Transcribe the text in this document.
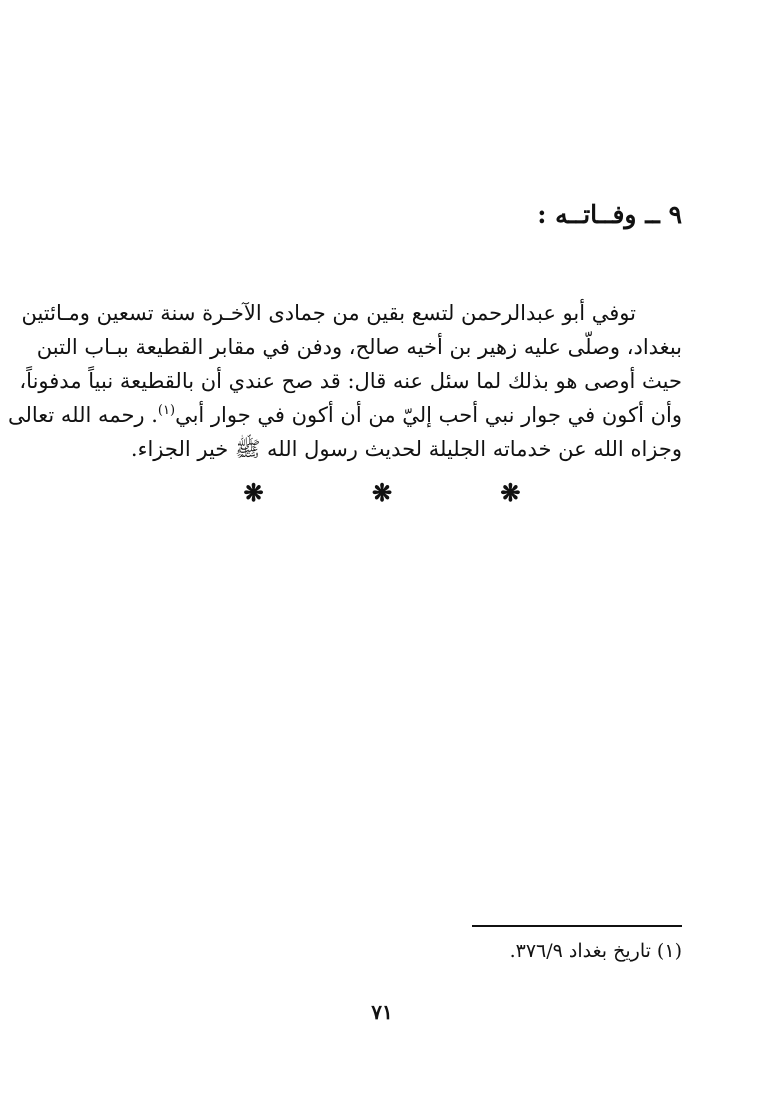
٩ ــ وفــاتــه :
توفي أبو عبدالرحمن لتسع بقين من جمادى الآخـرة سنة تسعين ومـائتين
ببغداد، وصلّى عليه زهير بن أخيه صالح، ودفن في مقابر القطيعة ببـاب التبن
حيث أوصى هو بذلك لما سئل عنه قال: قد صح عندي أن بالقطيعة نبياً مدفوناً،
وأن أكون في جوار نبي أحب إليّ من أن أكون في جوار أبي$^{(١)}$. رحمه الله تعالى
وجزاه الله عن خدماته الجليلة لحديث رسول الله ﷺ خير الجزاء.
❋ ❋ ❋
(١) تاريخ بغداد ٣٧٦/٩.
٧١
